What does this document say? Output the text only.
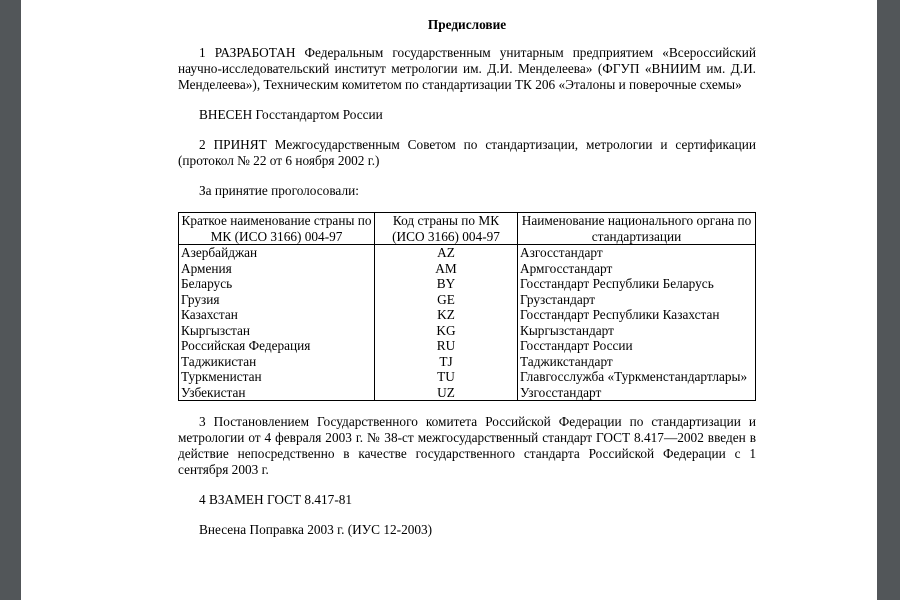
Предисловие

1 РАЗРАБОТАН Федеральным государственным унитарным предприятием «Всероссийский научно-исследовательский институт метрологии им. Д.И. Менделеева» (ФГУП «ВНИИМ им. Д.И. Менделеева»), Техническим комитетом по стандартизации ТК 206 «Эталоны и поверочные схемы»

ВНЕСЕН Госстандартом России

2 ПРИНЯТ Межгосударственным Советом по стандартизации, метрологии и сертификации (протокол № 22 от 6 ноября 2002 г.)

За принятие проголосовали:

Краткое наименование страны по МК (ИСО 3166) 004-97	Код страны по МК (ИСО 3166) 004-97	Наименование национального органа по стандартизации
Азербайджан	AZ	Азгосстандарт
Армения	AM	Армгосстандарт
Беларусь	BY	Госстандарт Республики Беларусь
Грузия	GE	Грузстандарт
Казахстан	KZ	Госстандарт Республики Казахстан
Кыргызстан	KG	Кыргызстандарт
Российская Федерация	RU	Госстандарт России
Таджикистан	TJ	Таджикстандарт
Туркменистан	TU	Главгосслужба «Туркменстандартлары»
Узбекистан	UZ	Узгосстандарт

3 Постановлением Государственного комитета Российской Федерации по стандартизации и метрологии от 4 февраля 2003 г. № 38-ст межгосударственный стандарт ГОСТ 8.417—2002 введен в действие непосредственно в качестве государственного стандарта Российской Федерации с 1 сентября 2003 г.

4 ВЗАМЕН ГОСТ 8.417-81

Внесена Поправка 2003 г. (ИУС 12-2003)
